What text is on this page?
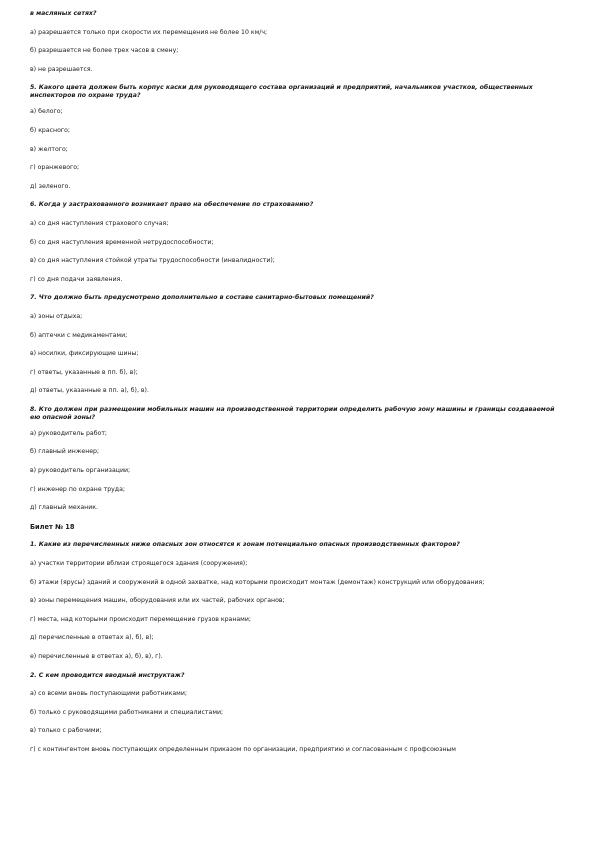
в масляных сетях?
а) разрешается только при скорости их перемещения не более 10 км/ч;
б) разрешается не более трех часов в смену;
в) не разрешается.
5. Какого цвета должен быть корпус каски для руководящего состава организаций и предприятий, начальников участков, общественных инспекторов по охране труда?
а) белого;
б) красного;
в) желтого;
г) оранжевого;
д) зеленого.
6. Когда у застрахованного возникает право на обеспечение по страхованию?
а) со дня наступления страхового случая;
б) со дня наступления временной нетрудоспособности;
в) со дня наступления стойкой утраты трудоспособности (инвалидности);
г) со дня подачи заявления.
7. Что должно быть предусмотрено дополнительно в составе санитарно-бытовых помещений?
а) зоны отдыха;
б) аптечки с медикаментами;
в) носилки, фиксирующие шины;
г) ответы, указанные в пп. б), в);
д) ответы, указанные в пп. а), б), в).
8. Кто должен при размещении мобильных машин на производственной территории определить рабочую зону машины и границы создаваемой ею опасной зоны?
а) руководитель работ;
б) главный инженер;
в) руководитель организации;
г) инженер по охране труда;
д) главный механик.
Билет № 18
1. Какие из перечисленных ниже опасных зон относятся к зонам потенциально опасных производственных факторов?
а) участки территории вблизи строящегося здания (сооружения);
б) этажи (ярусы) зданий и сооружений в одной захватке, над которыми происходит монтаж (демонтаж) конструкций или оборудования;
в) зоны перемещения машин, оборудования или их частей, рабочих органов;
г) места, над которыми происходит перемещение грузов кранами;
д) перечисленные в ответах а), б), в);
е) перечисленные в ответах а), б), в), г).
2. С кем проводится вводный инструктаж?
а) со всеми вновь поступающими работниками;
б) только с руководящими работниками и специалистами;
в) только с рабочими;
г) с контингентом вновь поступающих определенным приказом по организации, предприятию и согласованным с профсоюзным
